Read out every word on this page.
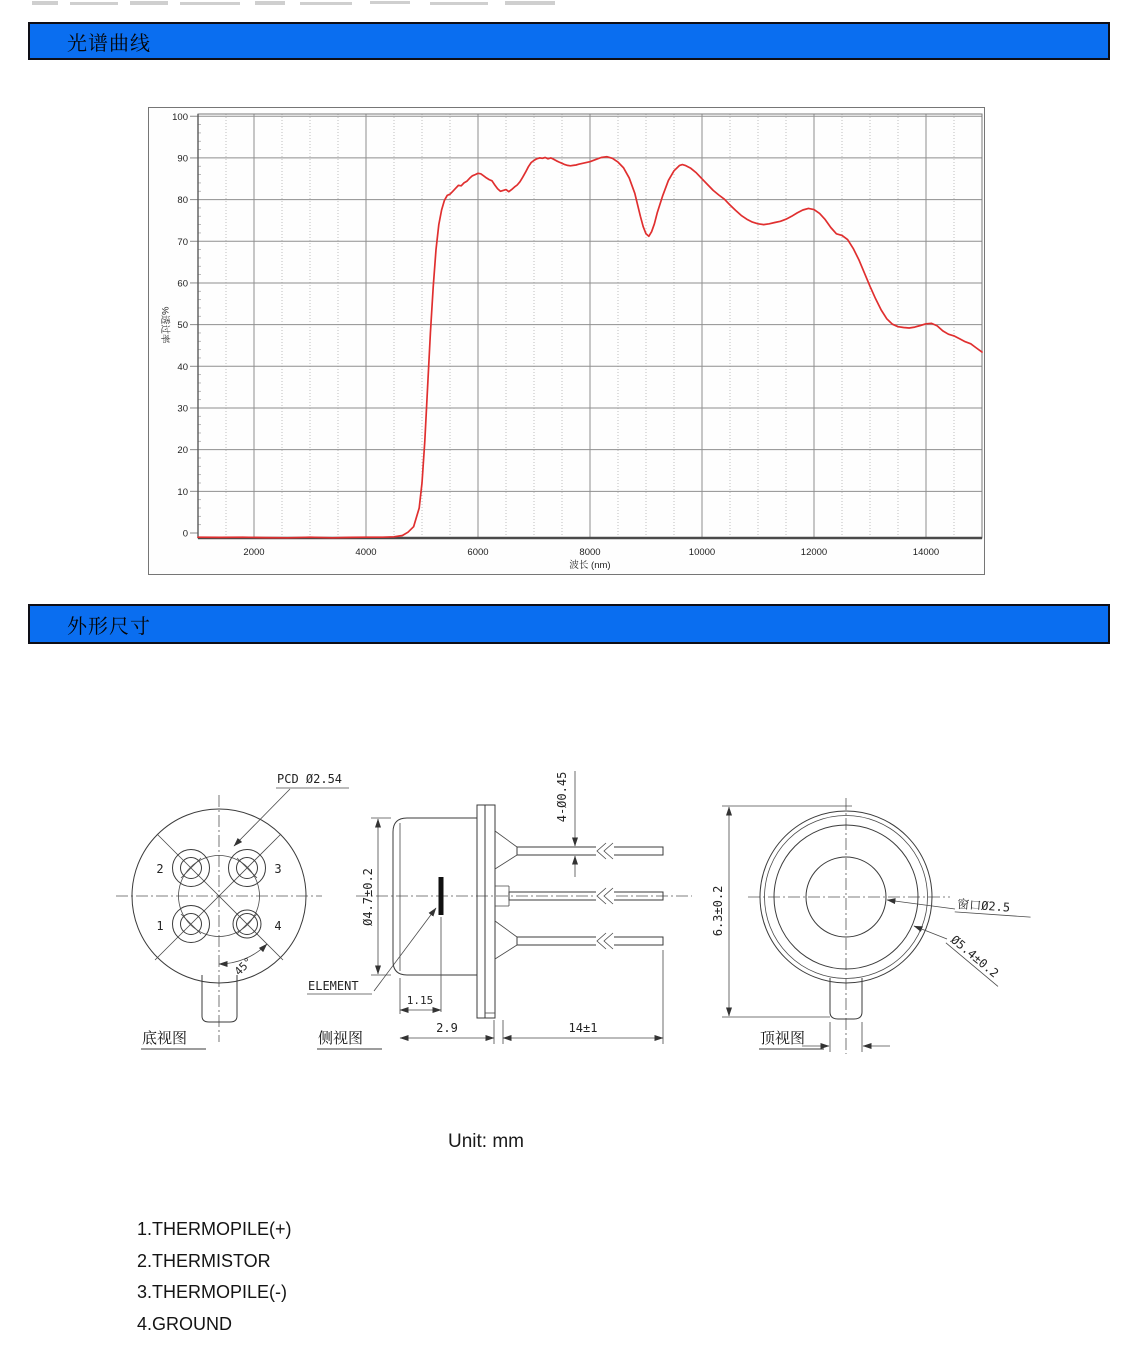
光谱曲线
2000	4000	6000	8000	10000	12000	14000
0
10
20
30
40
50
60
70
80
90
100
波长 (nm)
%透过率
外形尺寸
2	3
1	4
PCD Ø2.54
45°
底视图
Ø4.7±0.2
4-Ø0.45
ELEMENT
1.15
2.9	14±1
侧视图
6.3±0.2	窗口Ø2.5
Ø5.4±0.2
顶视图
Unit: mm
1.THERMOPILE(+)
2.THERMISTOR
3.THERMOPILE(-)
4.GROUND
